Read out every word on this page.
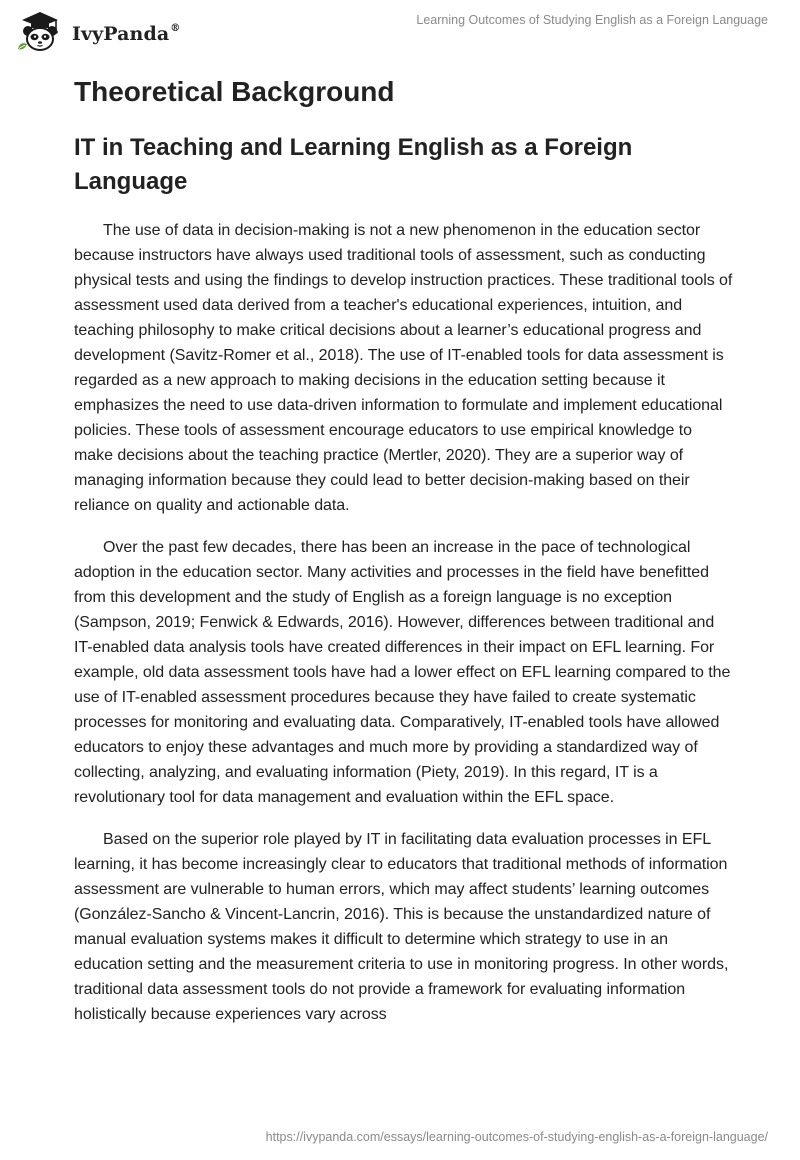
IvyPanda®
Learning Outcomes of Studying English as a Foreign Language
Theoretical Background
IT in Teaching and Learning English as a Foreign Language

The use of data in decision-making is not a new phenomenon in the education sector because instructors have always used traditional tools of assessment, such as conducting physical tests and using the findings to develop instruction practices. These traditional tools of assessment used data derived from a teacher's educational experiences, intuition, and teaching philosophy to make critical decisions about a learner’s educational progress and development (Savitz-Romer et al., 2018). The use of IT-enabled tools for data assessment is regarded as a new approach to making decisions in the education setting because it emphasizes the need to use data-driven information to formulate and implement educational policies. These tools of assessment encourage educators to use empirical knowledge to make decisions about the teaching practice (Mertler, 2020). They are a superior way of managing information because they could lead to better decision-making based on their reliance on quality and actionable data.

Over the past few decades, there has been an increase in the pace of technological adoption in the education sector. Many activities and processes in the field have benefitted from this development and the study of English as a foreign language is no exception (Sampson, 2019; Fenwick & Edwards, 2016). However, differences between traditional and IT-enabled data analysis tools have created differences in their impact on EFL learning. For example, old data assessment tools have had a lower effect on EFL learning compared to the use of IT-enabled assessment procedures because they have failed to create systematic processes for monitoring and evaluating data. Comparatively, IT-enabled tools have allowed educators to enjoy these advantages and much more by providing a standardized way of collecting, analyzing, and evaluating information (Piety, 2019). In this regard, IT is a revolutionary tool for data management and evaluation within the EFL space.

Based on the superior role played by IT in facilitating data evaluation processes in EFL learning, it has become increasingly clear to educators that traditional methods of information assessment are vulnerable to human errors, which may affect students’ learning outcomes (González-Sancho & Vincent-Lancrin, 2016). This is because the unstandardized nature of manual evaluation systems makes it difficult to determine which strategy to use in an education setting and the measurement criteria to use in monitoring progress. In other words, traditional data assessment tools do not provide a framework for evaluating information holistically because experiences vary across

https://ivypanda.com/essays/learning-outcomes-of-studying-english-as-a-foreign-language/
